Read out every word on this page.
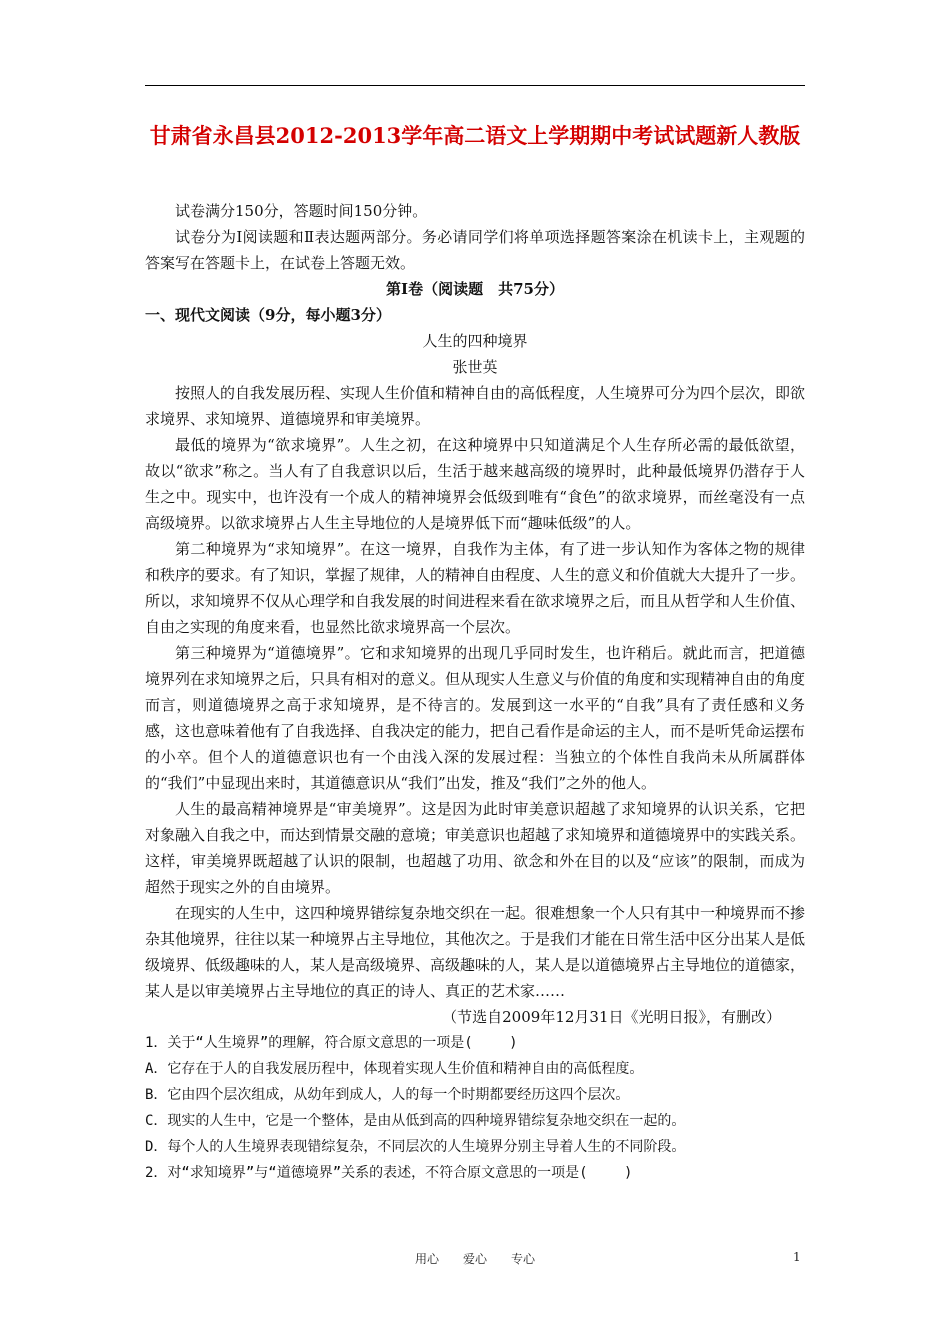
甘肃省永昌县2012-2013学年高二语文上学期期中考试试题新人教版

试卷满分150分，答题时间150分钟。

试卷分为Ⅰ阅读题和Ⅱ表达题两部分。务必请同学们将单项选择题答案涂在机读卡上，主观题的答案写在答题卡上，在试卷上答题无效。

第Ⅰ卷（阅读题　共75分）

一、现代文阅读（9分，每小题3分）

人生的四种境界

张世英

按照人的自我发展历程、实现人生价值和精神自由的高低程度，人生境界可分为四个层次，即欲求境界、求知境界、道德境界和审美境界。

最低的境界为“欲求境界”。人生之初，在这种境界中只知道满足个人生存所必需的最低欲望，故以“欲求”称之。当人有了自我意识以后，生活于越来越高级的境界时，此种最低境界仍潜存于人生之中。现实中，也许没有一个成人的精神境界会低级到唯有“食色”的欲求境界，而丝毫没有一点高级境界。以欲求境界占人生主导地位的人是境界低下而“趣味低级”的人。

第二种境界为“求知境界”。在这一境界，自我作为主体，有了进一步认知作为客体之物的规律和秩序的要求。有了知识，掌握了规律，人的精神自由程度、人生的意义和价值就大大提升了一步。所以，求知境界不仅从心理学和自我发展的时间进程来看在欲求境界之后，而且从哲学和人生价值、自由之实现的角度来看，也显然比欲求境界高一个层次。

第三种境界为“道德境界”。它和求知境界的出现几乎同时发生，也许稍后。就此而言，把道德境界列在求知境界之后，只具有相对的意义。但从现实人生意义与价值的角度和实现精神自由的角度而言，则道德境界之高于求知境界，是不待言的。发展到这一水平的“自我”具有了责任感和义务感，这也意味着他有了自我选择、自我决定的能力，把自己看作是命运的主人，而不是听凭命运摆布的小卒。但个人的道德意识也有一个由浅入深的发展过程：当独立的个体性自我尚未从所属群体的“我们”中显现出来时，其道德意识从“我们”出发，推及“我们”之外的他人。

人生的最高精神境界是“审美境界”。这是因为此时审美意识超越了求知境界的认识关系，它把对象融入自我之中，而达到情景交融的意境；审美意识也超越了求知境界和道德境界中的实践关系。这样，审美境界既超越了认识的限制，也超越了功用、欲念和外在目的以及“应该”的限制，而成为超然于现实之外的自由境界。

在现实的人生中，这四种境界错综复杂地交织在一起。很难想象一个人只有其中一种境界而不掺杂其他境界，往往以某一种境界占主导地位，其他次之。于是我们才能在日常生活中区分出某人是低级境界、低级趣味的人，某人是高级境界、高级趣味的人，某人是以道德境界占主导地位的道德家，某人是以审美境界占主导地位的真正的诗人、真正的艺术家……

（节选自2009年12月31日《光明日报》，有删改）

1．关于“人生境界”的理解，符合原文意思的一项是(　　 )

A．它存在于人的自我发展历程中，体现着实现人生价值和精神自由的高低程度。

B．它由四个层次组成，从幼年到成人，人的每一个时期都要经历这四个层次。

C．现实的人生中，它是一个整体，是由从低到高的四种境界错综复杂地交织在一起的。

D．每个人的人生境界表现错综复杂，不同层次的人生境界分别主导着人生的不同阶段。

2．对“求知境界”与“道德境界”关系的表述，不符合原文意思的一项是(　　 )

用心　　爱心　　专心	1
